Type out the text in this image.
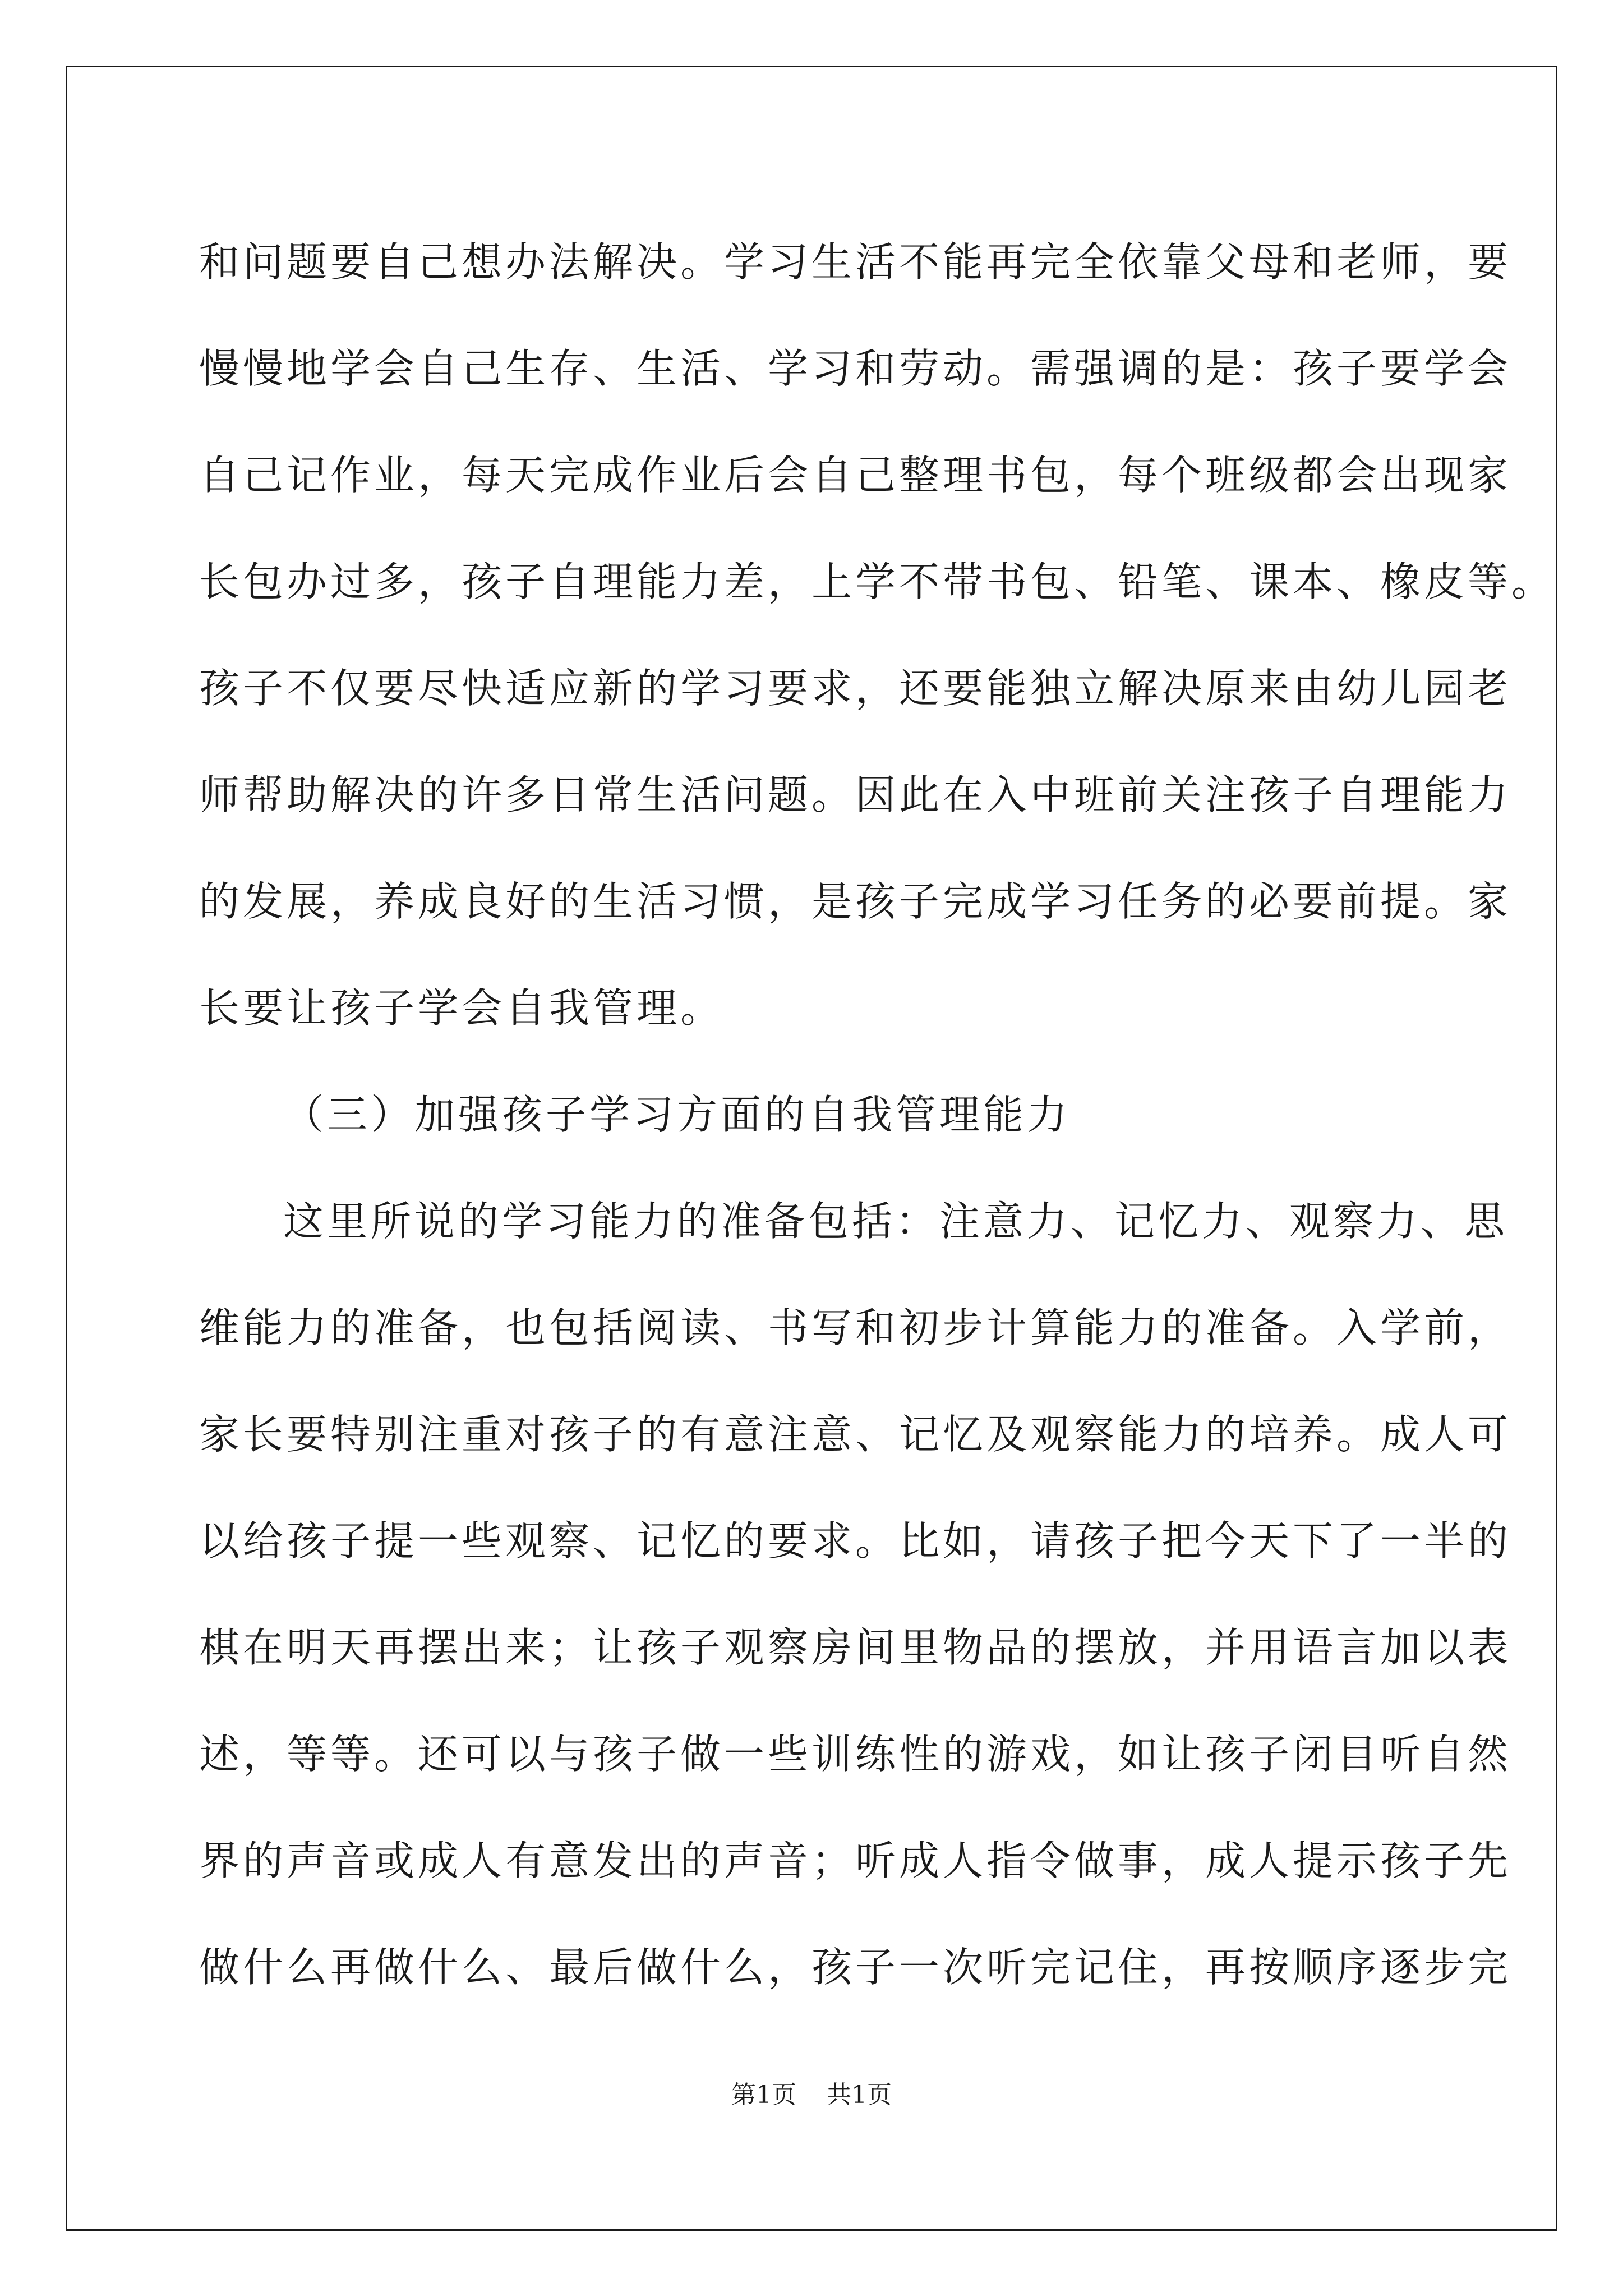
和问题要自己想办法解决。学习生活不能再完全依靠父母和老师，要
慢慢地学会自己生存、生活、学习和劳动。需强调的是：孩子要学会
自己记作业，每天完成作业后会自己整理书包，每个班级都会出现家
长包办过多，孩子自理能力差，上学不带书包、铅笔、课本、橡皮等。
孩子不仅要尽快适应新的学习要求，还要能独立解决原来由幼儿园老
师帮助解决的许多日常生活问题。因此在入中班前关注孩子自理能力
的发展，养成良好的生活习惯，是孩子完成学习任务的必要前提。家
长要让孩子学会自我管理。
（三）加强孩子学习方面的自我管理能力
这里所说的学习能力的准备包括：注意力、记忆力、观察力、思
维能力的准备，也包括阅读、书写和初步计算能力的准备。入学前，
家长要特别注重对孩子的有意注意、记忆及观察能力的培养。成人可
以给孩子提一些观察、记忆的要求。比如，请孩子把今天下了一半的
棋在明天再摆出来；让孩子观察房间里物品的摆放，并用语言加以表
述，等等。还可以与孩子做一些训练性的游戏，如让孩子闭目听自然
界的声音或成人有意发出的声音；听成人指令做事，成人提示孩子先
做什么再做什么、最后做什么，孩子一次听完记住，再按顺序逐步完
第1页 共1页
